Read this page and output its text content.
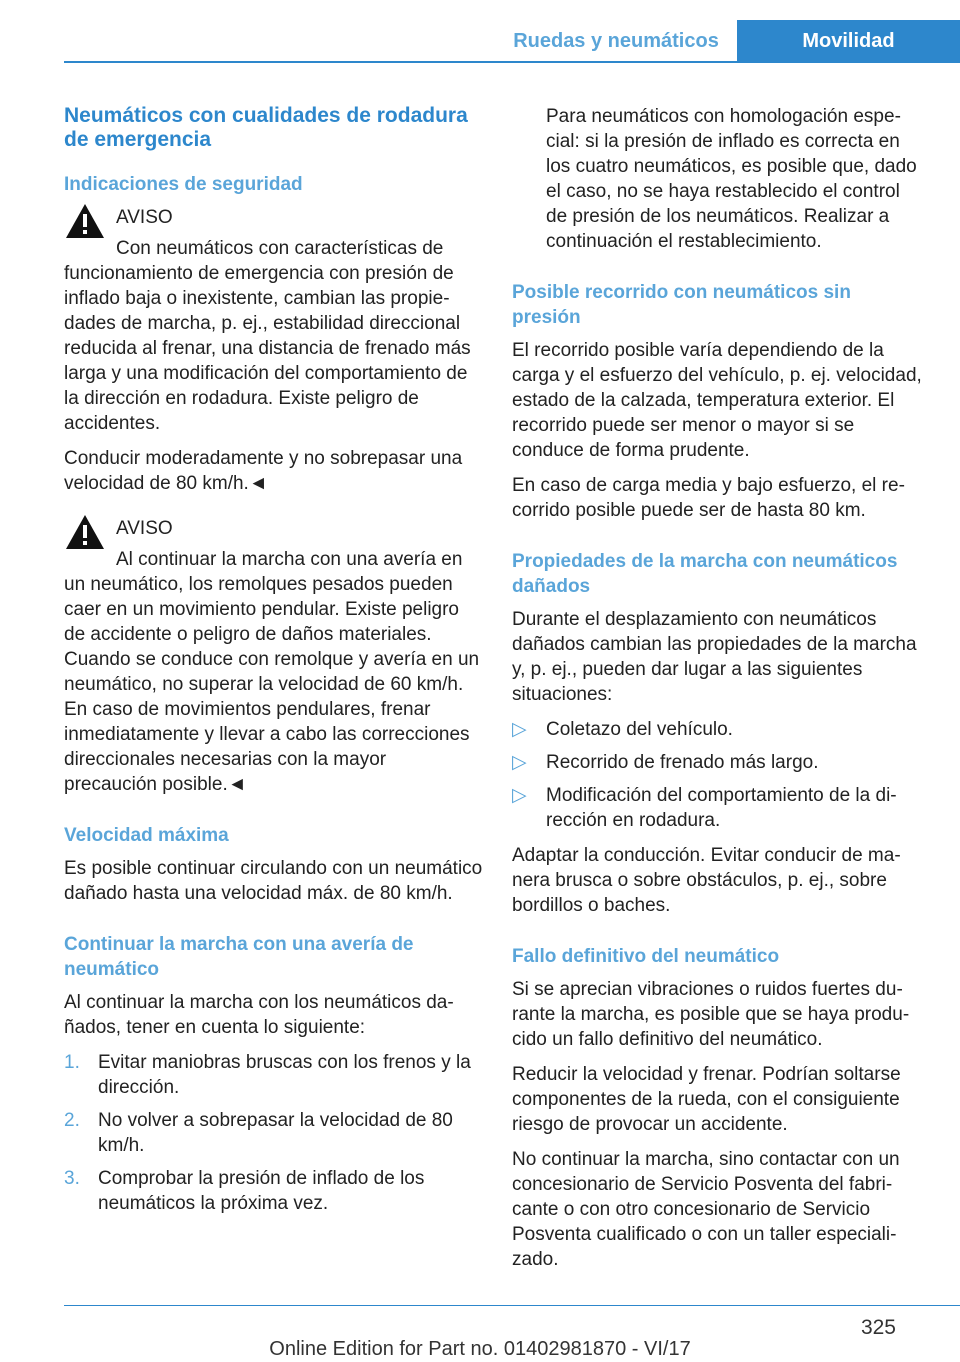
Ruedas y neumáticos	Movilidad
Neumáticos con cualidades de rodadura de emergencia
Indicaciones de seguridad

AVISO

Con neumáticos con características de

funcionamiento de emergencia con presión de inflado baja o inexistente, cambian las propiedades de marcha, p. ej., estabilidad direccional reducida al frenar, una distancia de frenado más larga y una modificación del comportamiento de la dirección en rodadura. Existe peligro de accidentes.

Conducir moderadamente y no sobrepasar una velocidad de 80 km/h.◄

AVISO

Al continuar la marcha con una avería en

un neumático, los remolques pesados pueden caer en un movimiento pendular. Existe peligro de accidente o peligro de daños materiales. Cuando se conduce con remolque y avería en un neumático, no superar la velocidad de 60 km/h. En caso de movimientos pendulares, frenar inmediatamente y llevar a cabo las correcciones direccionales necesarias con la mayor precaución posible.◄

Velocidad máxima

Es posible continuar circulando con un neumático dañado hasta una velocidad máx. de 80 km/h.

Continuar la marcha con una avería de neumático

Al continuar la marcha con los neumáticos dañados, tener en cuenta lo siguiente:

1. Evitar maniobras bruscas con los frenos y la dirección.
2. No volver a sobrepasar la velocidad de 80 km/h.
3. Comprobar la presión de inflado de los neumáticos la próxima vez.

Para neumáticos con homologación especial: si la presión de inflado es correcta en los cuatro neumáticos, es posible que, dado el caso, no se haya restablecido el control de presión de los neumáticos. Realizar a continuación el restablecimiento.

Posible recorrido con neumáticos sin presión

El recorrido posible varía dependiendo de la carga y el esfuerzo del vehículo, p. ej. velocidad, estado de la calzada, temperatura exterior. El recorrido puede ser menor o mayor si se conduce de forma prudente.

En caso de carga media y bajo esfuerzo, el recorrido posible puede ser de hasta 80 km.

Propiedades de la marcha con neumáticos dañados

Durante el desplazamiento con neumáticos dañados cambian las propiedades de la marcha y, p. ej., pueden dar lugar a las siguientes situaciones:

▷ Coletazo del vehículo.
▷ Recorrido de frenado más largo.
▷ Modificación del comportamiento de la dirección en rodadura.

Adaptar la conducción. Evitar conducir de manera brusca o sobre obstáculos, p. ej., sobre bordillos o baches.

Fallo definitivo del neumático

Si se aprecian vibraciones o ruidos fuertes durante la marcha, es posible que se haya producido un fallo definitivo del neumático.

Reducir la velocidad y frenar. Podrían soltarse componentes de la rueda, con el consiguiente riesgo de provocar un accidente.

No continuar la marcha, sino contactar con un concesionario de Servicio Posventa del fabricante o con otro concesionario de Servicio Posventa cualificado o con un taller especializado.

325
Online Edition for Part no. 01402981870 - VI/17
